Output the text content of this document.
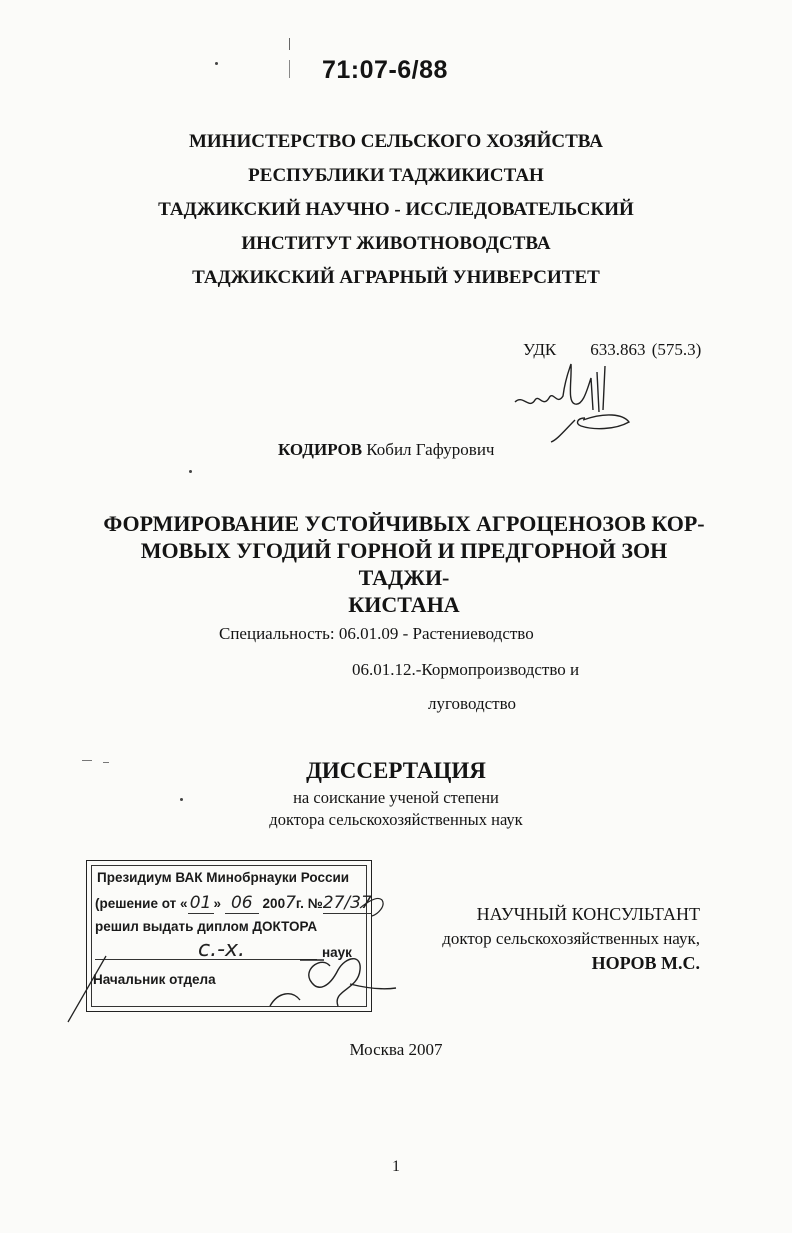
71:07-6/88
МИНИСТЕРСТВО СЕЛЬСКОГО ХОЗЯЙСТВА
РЕСПУБЛИКИ ТАДЖИКИСТАН
ТАДЖИКСКИЙ НАУЧНО - ИССЛЕДОВАТЕЛЬСКИЙ
ИНСТИТУТ ЖИВОТНОВОДСТВА
ТАДЖИКСКИЙ АГРАРНЫЙ УНИВЕРСИТЕТ
УДК 633.863 (575.3)
КОДИРОВ Кобил Гафурович
ФОРМИРОВАНИЕ УСТОЙЧИВЫХ АГРОЦЕНОЗОВ КОР-
МОВЫХ УГОДИЙ ГОРНОЙ И ПРЕДГОРНОЙ ЗОН ТАДЖИ-
КИСТАНА
Специальность: 06.01.09 - Растениеводство
06.01.12.-Кормопроизводство и
луговодство
ДИССЕРТАЦИЯ
на соискание ученой степени
доктора сельскохозяйственных наук
Президиум ВАК Минобрнауки России
(решение от « 01 » 06 2007г. №27/37
решил выдать диплом ДОКТОРА
с.-х.	наук
Начальник отдела
НАУЧНЫЙ КОНСУЛЬТАНТ
доктор сельскохозяйственных наук,
НОРОВ М.С.
Москва 2007
1
